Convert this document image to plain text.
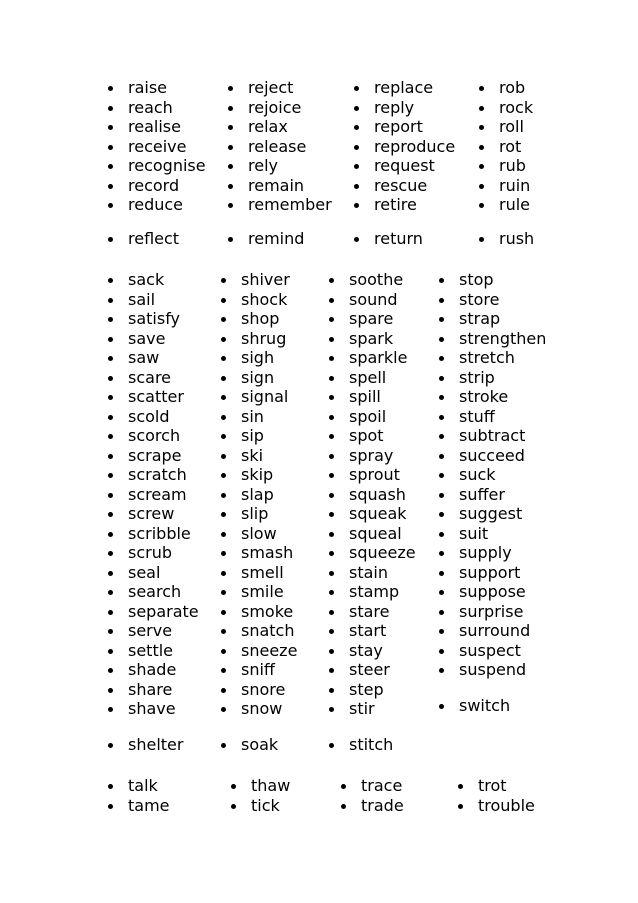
raise
reach
realise
receive
recognise
record
reduce
reject
rejoice
relax
release
rely
remain
remember
replace
reply
report
reproduce
request
rescue
retire
rob
rock
roll
rot
rub
ruin
rule
reflect	remind	return	rush
sack
sail
satisfy
save
saw
scare
scatter
scold
scorch
scrape
scratch
scream
screw
scribble
scrub
seal
search
separate
serve
settle
shade
share
shave
shiver
shock
shop
shrug
sigh
sign
signal
sin
sip
ski
skip
slap
slip
slow
smash
smell
smile
smoke
snatch
sneeze
sniff
snore
snow
soothe
sound
spare
spark
sparkle
spell
spill
spoil
spot
spray
sprout
squash
squeak
squeal
squeeze
stain
stamp
stare
start
stay
steer
step
stir
stop
store
strap
strengthen
stretch
strip
stroke
stuff
subtract
succeed
suck
suffer
suggest
suit
supply
support
suppose
surprise
surround
suspect
suspend
shelter	soak	stitch
switch
talk
tame
thaw
tick
trace
trade
trot
trouble
